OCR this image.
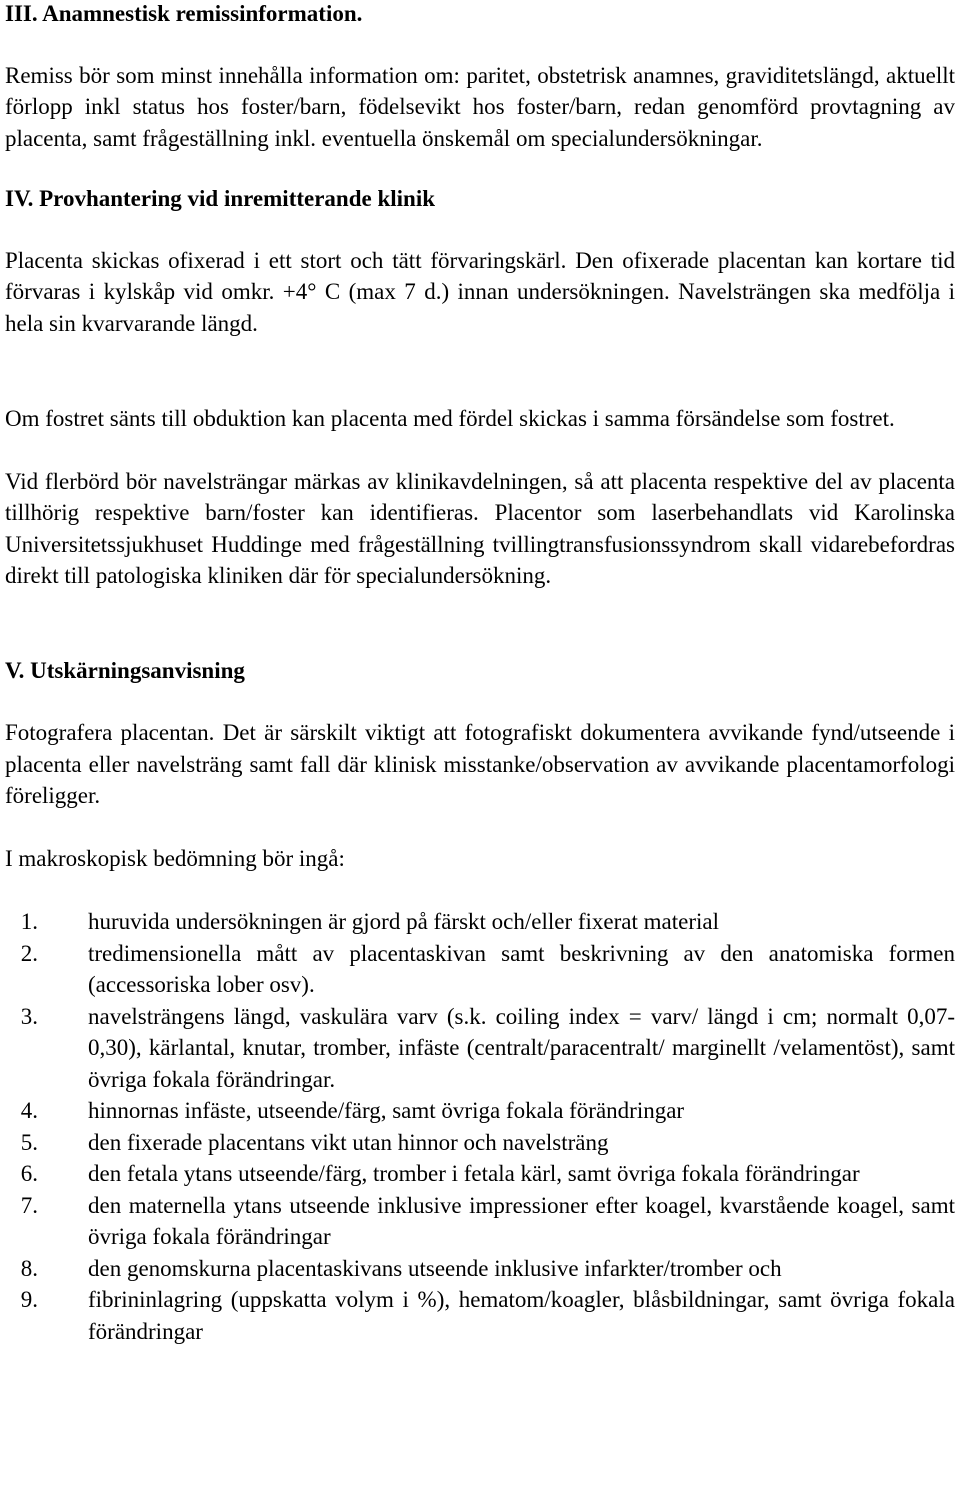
III. Anamnestisk remissinformation.

Remiss bör som minst innehålla information om: paritet, obstetrisk anamnes, graviditetslängd, aktuellt förlopp inkl status hos foster/barn, födelsevikt hos foster/barn, redan genomförd provtagning av placenta, samt frågeställning inkl. eventuella önskemål om specialundersökningar.

IV. Provhantering vid inremitterande klinik

Placenta skickas ofixerad i ett stort och tätt förvaringskärl. Den ofixerade placentan kan kortare tid förvaras i kylskåp vid omkr. +4° C (max 7 d.) innan undersökningen. Navelsträngen ska medfölja i hela sin kvarvarande längd.

Om fostret sänts till obduktion kan placenta med fördel skickas i samma försändelse som fostret.

Vid flerbörd bör navelsträngar märkas av klinikavdelningen, så att placenta respektive del av placenta tillhörig respektive barn/foster kan identifieras. Placentor som laserbehandlats vid Karolinska Universitetssjukhuset Huddinge med frågeställning tvillingtransfusionssyndrom skall vidarebefordras direkt till patologiska kliniken där för specialundersökning.

V. Utskärningsanvisning

Fotografera placentan. Det är särskilt viktigt att fotografiskt dokumentera avvikande fynd/utseende i placenta eller navelsträng samt fall där klinisk misstanke/observation av avvikande placentamorfologi föreligger.

I makroskopisk bedömning bör ingå:

1. huruvida undersökningen är gjord på färskt och/eller fixerat material
2. tredimensionella mått av placentaskivan samt beskrivning av den anatomiska formen (accessoriska lober osv).
3. navelsträngens längd, vaskulära varv (s.k. coiling index = varv/ längd i cm; normalt 0,07-0,30), kärlantal, knutar, tromber, infäste (centralt/paracentralt/ marginellt /velamentöst), samt övriga fokala förändringar.
4. hinnornas infäste, utseende/färg, samt övriga fokala förändringar
5. den fixerade placentans vikt utan hinnor och navelsträng
6. den fetala ytans utseende/färg, tromber i fetala kärl, samt övriga fokala förändringar
7. den maternella ytans utseende inklusive impressioner efter koagel, kvarstående koagel, samt övriga fokala förändringar
8. den genomskurna placentaskivans utseende inklusive infarkter/tromber och
9. fibrininlagring (uppskatta volym i %), hematom/koagler, blåsbildningar, samt övriga fokala förändringar
